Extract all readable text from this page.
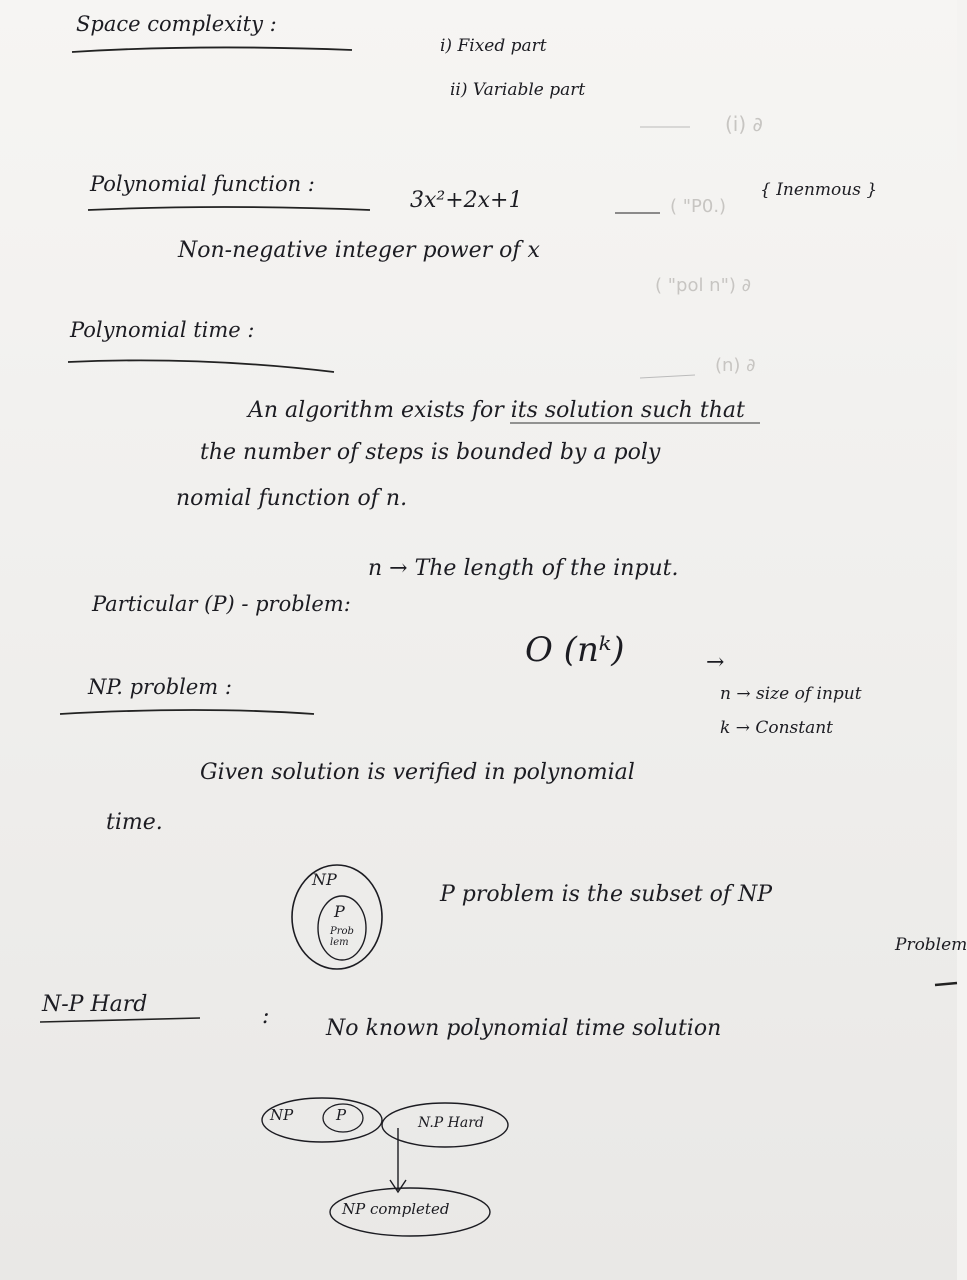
Space complexity :
i) Fixed part
ii) Variable part
(i) ∂
Polynomial function :
3x²+2x+1	{ Inenmous }
( "P0.)
Non-negative integer power of x
( "pol n") ∂
Polynomial time :
(n) ∂
An algorithm exists for its solution such that
the number of steps is bounded by a poly
nomial function of n.
n → The length of the input.
Particular (P) - problem:
O (nᵏ)	→
n → size of input
k → Constant
NP. problem :
Given solution is verified in polynomial
time.
NP
P
Prob lem
P problem is the subset of NP
Problem
N-P Hard	:	No known polynomial time solution
NP	P	N.P Hard
NP completed
